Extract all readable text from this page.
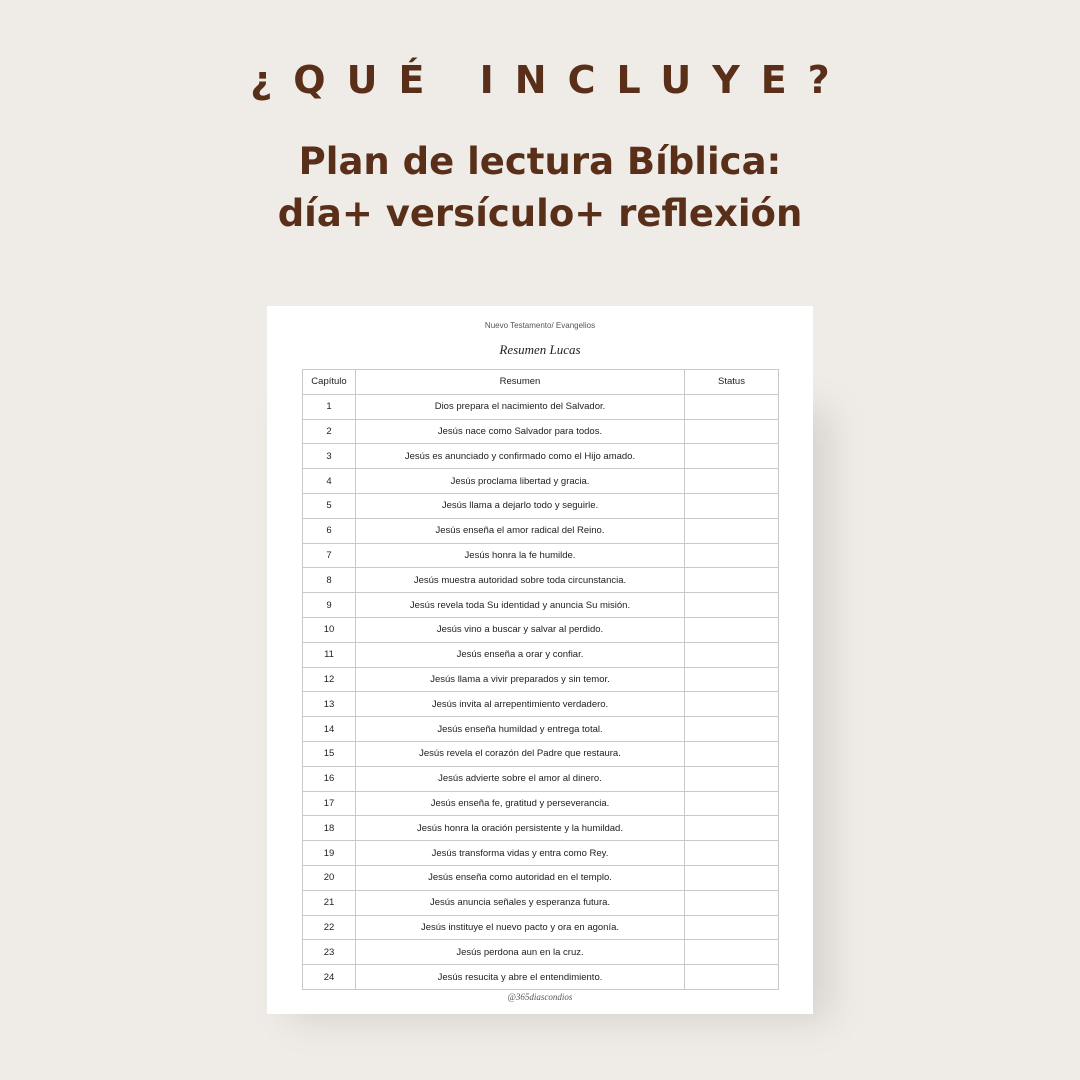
¿QUÉ INCLUYE?
Plan de lectura Bíblica:
día+ versículo+ reflexión
Nuevo Testamento/ Evangelios
Resumen Lucas
Capítulo	Resumen	Status
1	Dios prepara el nacimiento del Salvador.	
2	Jesús nace como Salvador para todos.	
3	Jesús es anunciado y confirmado como el Hijo amado.	
4	Jesús proclama libertad y gracia.	
5	Jesús llama a dejarlo todo y seguirle.	
6	Jesús enseña el amor radical del Reino.	
7	Jesús honra la fe humilde.	
8	Jesús muestra autoridad sobre toda circunstancia.	
9	Jesús revela toda Su identidad y anuncia Su misión.	
10	Jesús vino a buscar y salvar al perdido.	
11	Jesús enseña a orar y confiar.	
12	Jesús llama a vivir preparados y sin temor.	
13	Jesús invita al arrepentimiento verdadero.	
14	Jesús enseña humildad y entrega total.	
15	Jesús revela el corazón del Padre que restaura.	
16	Jesús advierte sobre el amor al dinero.	
17	Jesús enseña fe, gratitud y perseverancia.	
18	Jesús honra la oración persistente y la humildad.	
19	Jesús transforma vidas y entra como Rey.	
20	Jesús enseña como autoridad en el templo.	
21	Jesús anuncia señales y esperanza futura.	
22	Jesús instituye el nuevo pacto y ora en agonía.	
23	Jesús perdona aun en la cruz.	
24	Jesús resucita y abre el entendimiento.	
@365diascondios
